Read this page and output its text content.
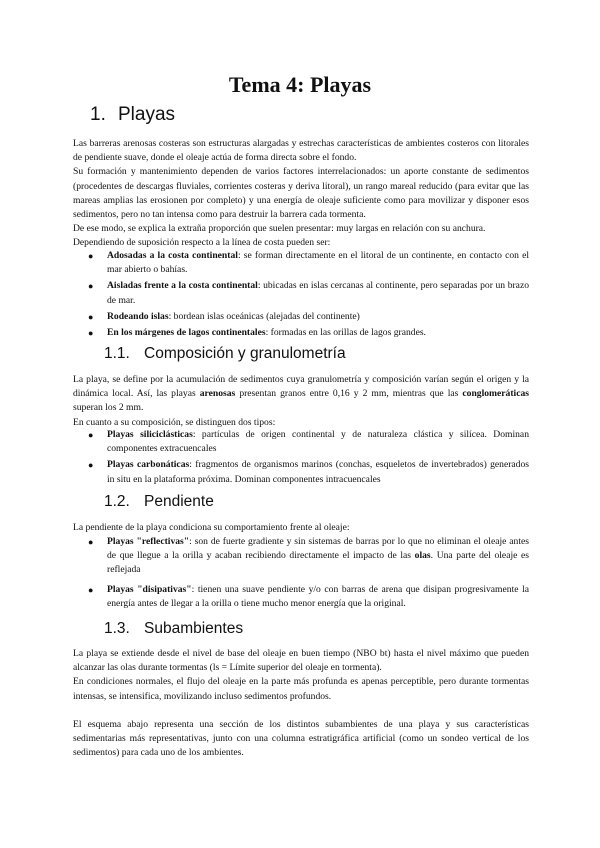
Tema 4: Playas
1. Playas

Las barreras arenosas costeras son estructuras alargadas y estrechas características de ambientes costeros con litorales de pendiente suave, donde el oleaje actúa de forma directa sobre el fondo.

Su formación y mantenimiento dependen de varios factores interrelacionados: un aporte constante de sedimentos (procedentes de descargas fluviales, corrientes costeras y deriva litoral), un rango mareal reducido (para evitar que las mareas amplias las erosionen por completo) y una energía de oleaje suficiente como para movilizar y disponer esos sedimentos, pero no tan intensa como para destruir la barrera cada tormenta.

De ese modo, se explica la extraña proporción que suelen presentar: muy largas en relación con su anchura.

Dependiendo de suposición respecto a la línea de costa pueden ser:

● Adosadas a la costa continental: se forman directamente en el litoral de un continente, en contacto con el mar abierto o bahías.
● Aisladas frente a la costa continental: ubicadas en islas cercanas al continente, pero separadas por un brazo de mar.
● Rodeando islas: bordean islas oceánicas (alejadas del continente)
● En los márgenes de lagos continentales: formadas en las orillas de lagos grandes.
1.1. Composición y granulometría

La playa, se define por la acumulación de sedimentos cuya granulometría y composición varían según el origen y la dinámica local. Así, las playas arenosas presentan granos entre 0,16 y 2 mm, mientras que las conglomeráticas superan los 2 mm.

En cuanto a su composición, se distinguen dos tipos:

● Playas siliciclásticas: partículas de origen continental y de naturaleza clástica y silícea. Dominan componentes extracuencales
● Playas carbonáticas: fragmentos de organismos marinos (conchas, esqueletos de invertebrados) generados in situ en la plataforma próxima. Dominan componentes intracuencales
1.2. Pendiente

La pendiente de la playa condiciona su comportamiento frente al oleaje:

● Playas "reflectivas": son de fuerte gradiente y sin sistemas de barras por lo que no eliminan el oleaje antes de que llegue a la orilla y acaban recibiendo directamente el impacto de las olas. Una parte del oleaje es reflejada
● Playas "disipativas": tienen una suave pendiente y/o con barras de arena que disipan progresivamente la energía antes de llegar a la orilla o tiene mucho menor energía que la original.
1.3. Subambientes

La playa se extiende desde el nivel de base del oleaje en buen tiempo (NBO bt) hasta el nivel máximo que pueden alcanzar las olas durante tormentas (ls = Límite superior del oleaje en tormenta).

En condiciones normales, el flujo del oleaje en la parte más profunda es apenas perceptible, pero durante tormentas intensas, se intensifica, movilizando incluso sedimentos profundos.

El esquema abajo representa una sección de los distintos subambientes de una playa y sus características sedimentarias más representativas, junto con una columna estratigráfica artificial (como un sondeo vertical de los sedimentos) para cada uno de los ambientes.
